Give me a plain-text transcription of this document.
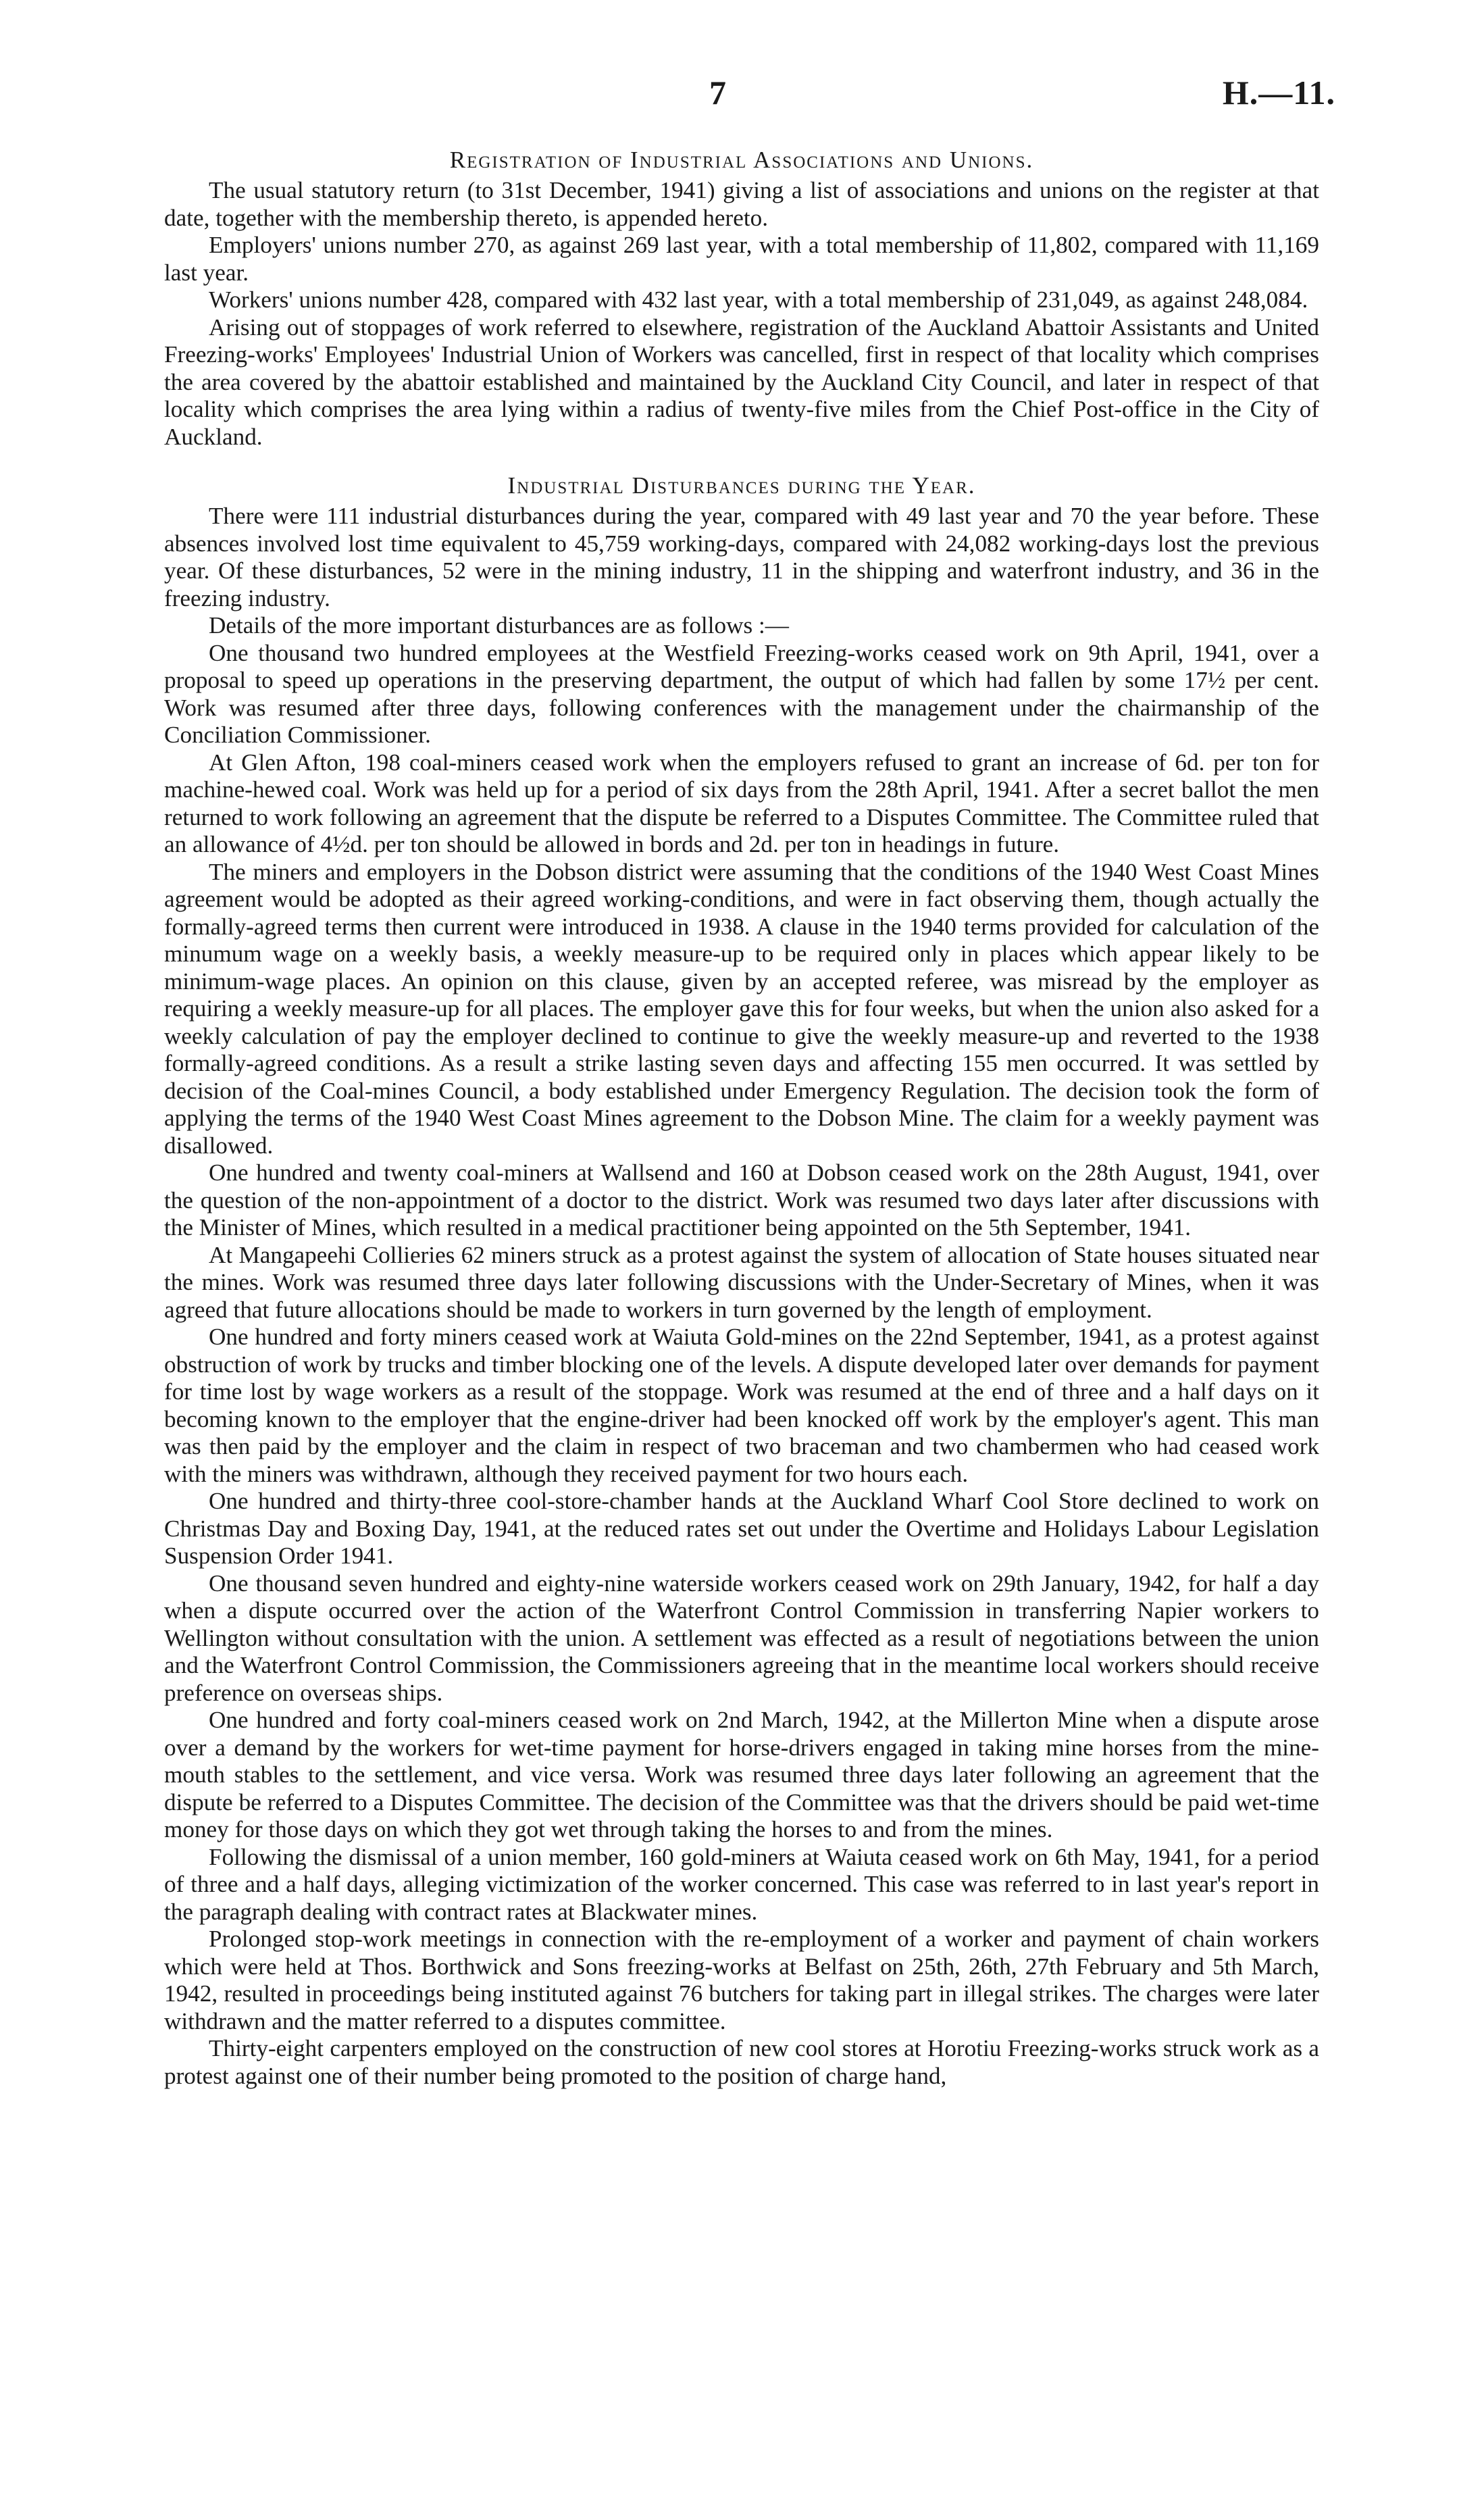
7	H.—11.
Registration of Industrial Associations and Unions.

The usual statutory return (to 31st December, 1941) giving a list of associations and unions on the register at that date, together with the membership thereto, is appended hereto.

Employers' unions number 270, as against 269 last year, with a total membership of 11,802, compared with 11,169 last year.

Workers' unions number 428, compared with 432 last year, with a total membership of 231,049, as against 248,084.

Arising out of stoppages of work referred to elsewhere, registration of the Auckland Abattoir Assistants and United Freezing-works' Employees' Industrial Union of Workers was cancelled, first in respect of that locality which comprises the area covered by the abattoir established and maintained by the Auckland City Council, and later in respect of that locality which comprises the area lying within a radius of twenty-five miles from the Chief Post-office in the City of Auckland.

Industrial Disturbances during the Year.

There were 111 industrial disturbances during the year, compared with 49 last year and 70 the year before. These absences involved lost time equivalent to 45,759 working-days, compared with 24,082 working-days lost the previous year. Of these disturbances, 52 were in the mining industry, 11 in the shipping and waterfront industry, and 36 in the freezing industry.

Details of the more important disturbances are as follows :—

One thousand two hundred employees at the Westfield Freezing-works ceased work on 9th April, 1941, over a proposal to speed up operations in the preserving department, the output of which had fallen by some 17½ per cent. Work was resumed after three days, following conferences with the management under the chairmanship of the Conciliation Commissioner.

At Glen Afton, 198 coal-miners ceased work when the employers refused to grant an increase of 6d. per ton for machine-hewed coal. Work was held up for a period of six days from the 28th April, 1941. After a secret ballot the men returned to work following an agreement that the dispute be referred to a Disputes Committee. The Committee ruled that an allowance of 4½d. per ton should be allowed in bords and 2d. per ton in headings in future.

The miners and employers in the Dobson district were assuming that the conditions of the 1940 West Coast Mines agreement would be adopted as their agreed working-conditions, and were in fact observing them, though actually the formally-agreed terms then current were introduced in 1938. A clause in the 1940 terms provided for calculation of the minumum wage on a weekly basis, a weekly measure-up to be required only in places which appear likely to be minimum-wage places. An opinion on this clause, given by an accepted referee, was misread by the employer as requiring a weekly measure-up for all places. The employer gave this for four weeks, but when the union also asked for a weekly calculation of pay the employer declined to continue to give the weekly measure-up and reverted to the 1938 formally-agreed conditions. As a result a strike lasting seven days and affecting 155 men occurred. It was settled by decision of the Coal-mines Council, a body established under Emergency Regulation. The decision took the form of applying the terms of the 1940 West Coast Mines agreement to the Dobson Mine. The claim for a weekly payment was disallowed.

One hundred and twenty coal-miners at Wallsend and 160 at Dobson ceased work on the 28th August, 1941, over the question of the non-appointment of a doctor to the district. Work was resumed two days later after discussions with the Minister of Mines, which resulted in a medical practitioner being appointed on the 5th September, 1941.

At Mangapeehi Collieries 62 miners struck as a protest against the system of allocation of State houses situated near the mines. Work was resumed three days later following discussions with the Under-Secretary of Mines, when it was agreed that future allocations should be made to workers in turn governed by the length of employment.

One hundred and forty miners ceased work at Waiuta Gold-mines on the 22nd September, 1941, as a protest against obstruction of work by trucks and timber blocking one of the levels. A dispute developed later over demands for payment for time lost by wage workers as a result of the stoppage. Work was resumed at the end of three and a half days on it becoming known to the employer that the engine-driver had been knocked off work by the employer's agent. This man was then paid by the employer and the claim in respect of two braceman and two chambermen who had ceased work with the miners was withdrawn, although they received payment for two hours each.

One hundred and thirty-three cool-store-chamber hands at the Auckland Wharf Cool Store declined to work on Christmas Day and Boxing Day, 1941, at the reduced rates set out under the Overtime and Holidays Labour Legislation Suspension Order 1941.

One thousand seven hundred and eighty-nine waterside workers ceased work on 29th January, 1942, for half a day when a dispute occurred over the action of the Waterfront Control Commission in transferring Napier workers to Wellington without consultation with the union. A settlement was effected as a result of negotiations between the union and the Waterfront Control Commission, the Commissioners agreeing that in the meantime local workers should receive preference on overseas ships.

One hundred and forty coal-miners ceased work on 2nd March, 1942, at the Millerton Mine when a dispute arose over a demand by the workers for wet-time payment for horse-drivers engaged in taking mine horses from the mine-mouth stables to the settlement, and vice versa. Work was resumed three days later following an agreement that the dispute be referred to a Disputes Committee. The decision of the Committee was that the drivers should be paid wet-time money for those days on which they got wet through taking the horses to and from the mines.

Following the dismissal of a union member, 160 gold-miners at Waiuta ceased work on 6th May, 1941, for a period of three and a half days, alleging victimization of the worker concerned. This case was referred to in last year's report in the paragraph dealing with contract rates at Blackwater mines.

Prolonged stop-work meetings in connection with the re-employment of a worker and payment of chain workers which were held at Thos. Borthwick and Sons freezing-works at Belfast on 25th, 26th, 27th February and 5th March, 1942, resulted in proceedings being instituted against 76 butchers for taking part in illegal strikes. The charges were later withdrawn and the matter referred to a disputes committee.

Thirty-eight carpenters employed on the construction of new cool stores at Horotiu Freezing-works struck work as a protest against one of their number being promoted to the position of charge hand,
